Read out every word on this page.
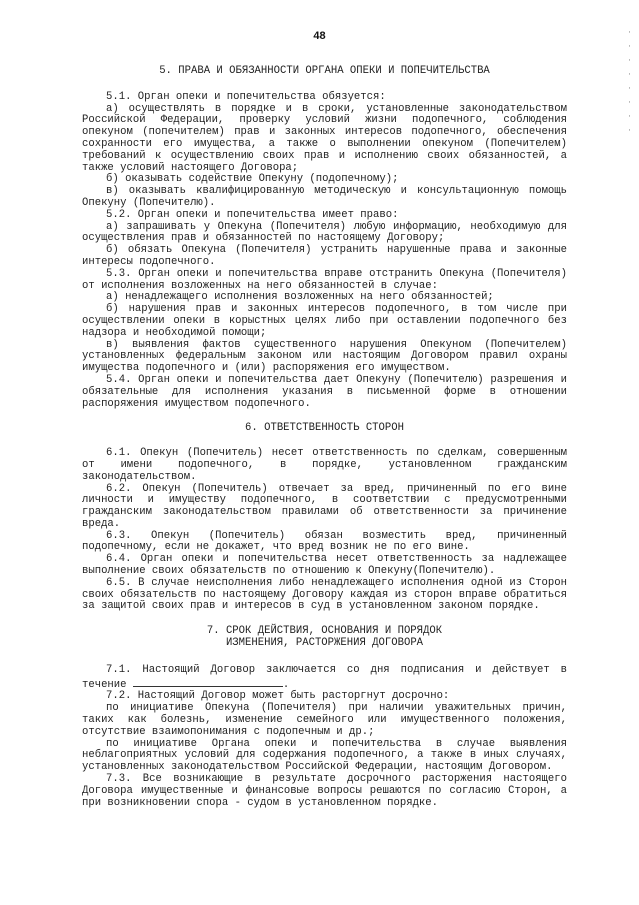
48	·
·
·
·
·
·
·
·

5. ПРАВА И ОБЯЗАННОСТИ ОРГАНА ОПЕКИ И ПОПЕЧИТЕЛЬСТВА

5.1. Орган опеки и попечительства обязуется:

а) осуществлять в порядке и в сроки, установленные законодательством Российской Федерации, проверку условий жизни подопечного, соблюдения опекуном (попечителем) прав и законных интересов подопечного, обеспечения сохранности его имущества, а также о выполнении опекуном (Попечителем) требований к осуществлению своих прав и исполнению своих обязанностей, а также условий настоящего Договора;

б) оказывать содействие Опекуну (подопечному);

в) оказывать квалифицированную методическую и консультационную помощь Опекуну (Попечителю).

5.2. Орган опеки и попечительства имеет право:

а) запрашивать у Опекуна (Попечителя) любую информацию, необходимую для осуществления прав и обязанностей по настоящему Договору;

б) обязать Опекуна (Попечителя) устранить нарушенные права и законные интересы подопечного.

5.3. Орган опеки и попечительства вправе отстранить Опекуна (Попечителя) от исполнения возложенных на него обязанностей в случае:

а) ненадлежащего исполнения возложенных на него обязанностей;

б) нарушения прав и законных интересов подопечного, в том числе при осуществлении опеки в корыстных целях либо при оставлении подопечного без надзора и необходимой помощи;

в) выявления фактов существенного нарушения Опекуном (Попечителем) установленных федеральным законом или настоящим Договором правил охраны имущества подопечного и (или) распоряжения его имуществом.

5.4. Орган опеки и попечительства дает Опекуну (Попечителю) разрешения и обязательные для исполнения указания в письменной форме в отношении распоряжения имуществом подопечного.

6. ОТВЕТСТВЕННОСТЬ СТОРОН

6.1. Опекун (Попечитель) несет ответственность по сделкам, совершенным от имени подопечного, в порядке, установленном гражданским законодательством.

6.2. Опекун (Попечитель) отвечает за вред, причиненный по его вине личности и имуществу подопечного, в соответствии с предусмотренными гражданским законодательством правилами об ответственности за причинение вреда.

6.3. Опекун (Попечитель) обязан возместить вред, причиненный подопечному, если не докажет, что вред возник не по его вине.

6.4. Орган опеки и попечительства несет ответственность за надлежащее выполнение своих обязательств по отношению к Опекуну(Попечителю).

6.5. В случае неисполнения либо ненадлежащего исполнения одной из Сторон своих обязательств по настоящему Договору каждая из сторон вправе обратиться за защитой своих прав и интересов в суд в установленном законом порядке.

7. СРОК ДЕЙСТВИЯ, ОСНОВАНИЯ И ПОРЯДОК
ИЗМЕНЕНИЯ, РАСТОРЖЕНИЯ ДОГОВОРА

7.1. Настоящий Договор заключается со дня подписания и действует в течение	.

7.2. Настоящий Договор может быть расторгнут досрочно:

по инициативе Опекуна (Попечителя) при наличии уважительных причин, таких как болезнь, изменение семейного или имущественного положения, отсутствие взаимопонимания с подопечным и др.;

по инициативе Органа опеки и попечительства в случае выявления неблагоприятных условий для содержания подопечного, а также в иных случаях, установленных законодательством Российской Федерации, настоящим Договором.

7.3. Все возникающие в результате досрочного расторжения настоящего Договора имущественные и финансовые вопросы решаются по согласию Сторон, а при возникновении спора - судом в установленном порядке.
